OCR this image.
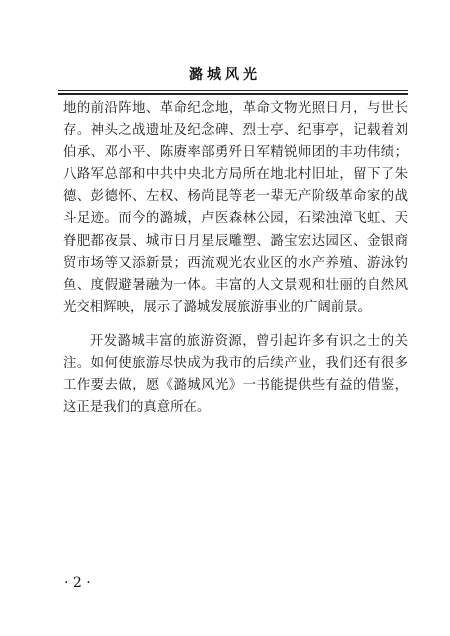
潞城风光

地的前沿阵地、革命纪念地，革命文物光照日月，与世长存。神头之战遗址及纪念碑、烈士亭、纪事亭，记载着刘伯承、邓小平、陈赓率部勇歼日军精锐师团的丰功伟绩；八路军总部和中共中央北方局所在地北村旧址，留下了朱德、彭德怀、左权、杨尚昆等老一辈无产阶级革命家的战斗足迹。而今的潞城，卢医森林公园，石梁浊漳飞虹、天脊肥都夜景、城市日月星辰雕塑、潞宝宏达园区、金银商贸市场等又添新景；西流观光农业区的水产养殖、游泳钓鱼、度假避暑融为一体。丰富的人文景观和壮丽的自然风光交相辉映，展示了潞城发展旅游事业的广阔前景。

开发潞城丰富的旅游资源，曾引起许多有识之士的关注。如何使旅游尽快成为我市的后续产业，我们还有很多工作要去做，愿《潞城风光》一书能提供些有益的借鉴，这正是我们的真意所在。

· 2 ·
